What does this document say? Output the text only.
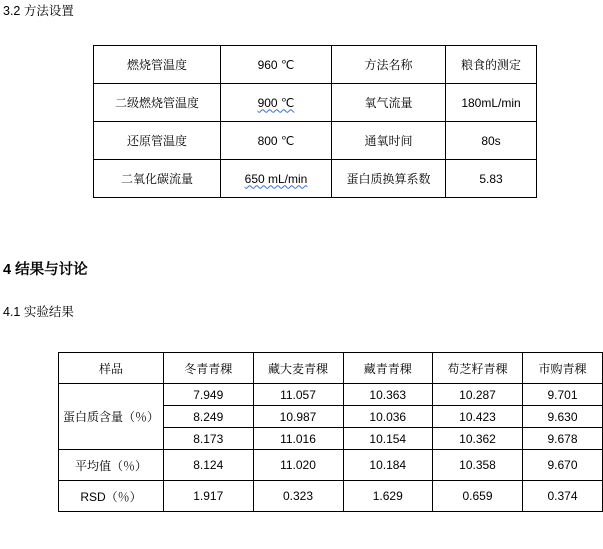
3.2 方法设置
燃烧管温度	960 ℃	方法名称	粮食的测定
二级燃烧管温度	900 ℃	氧气流量	180mL/min
还原管温度	800 ℃	通氧时间	80s
二氧化碳流量	650 mL/min	蛋白质换算系数	5.83
4 结果与讨论
4.1 实验结果
样品	冬青青稞	藏大麦青稞	藏青青稞	苟芝籽青稞	市购青稞
蛋白质含量（％）	7.949	11.057	10.363	10.287	9.701
	8.249	10.987	10.036	10.423	9.630
	8.173	11.016	10.154	10.362	9.678
平均值（％）	8.124	11.020	10.184	10.358	9.670
RSD（％）	1.917	0.323	1.629	0.659	0.374
